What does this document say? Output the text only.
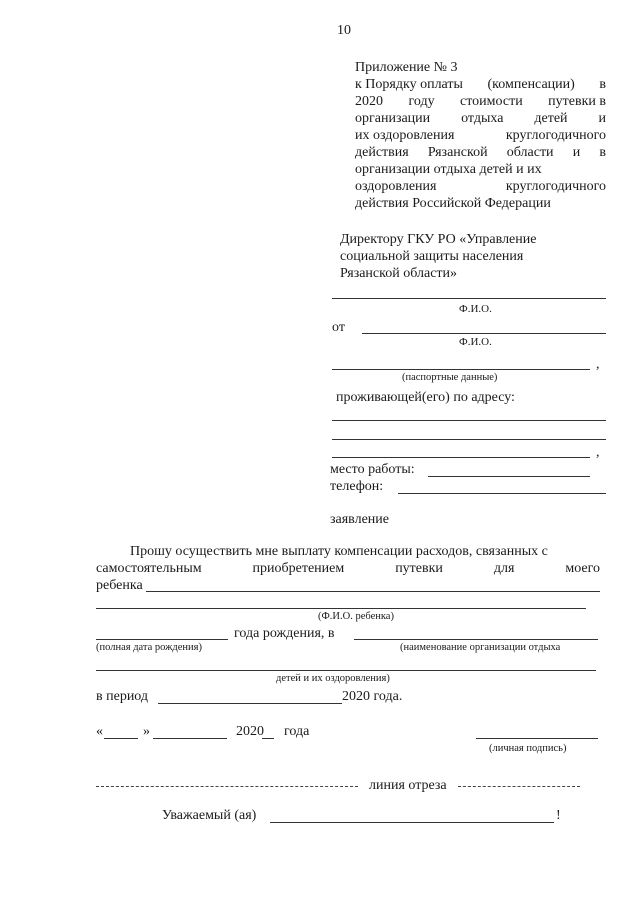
10
Приложение № 3
к Порядку оплаты (компенсации) в
2020 году стоимости путевки в
организации отдыха детей и
их оздоровления	круглогодичного
действия Рязанской области и в
организации отдыха детей и их
оздоровления	круглогодичного
действия Российской Федерации
Директору ГКУ РО «Управление
социальной защиты населения
Рязанской области»
Ф.И.О.
от
Ф.И.О.
,
(паспортные данные)
проживающей(его) по адресу:
,
место работы:
телефон:
заявление
Прошу осуществить мне выплату компенсации расходов, связанных с
самостоятельным	приобретением	путевки	для	моего
ребенка
(Ф.И.О. ребенка)
года рождения, в
(полная дата рождения)	(наименование организации отдыха
детей и их оздоровления)
в период	2020 года.
«	»	2020 года
(личная подпись)
линия отреза
Уважаемый (ая)	!
